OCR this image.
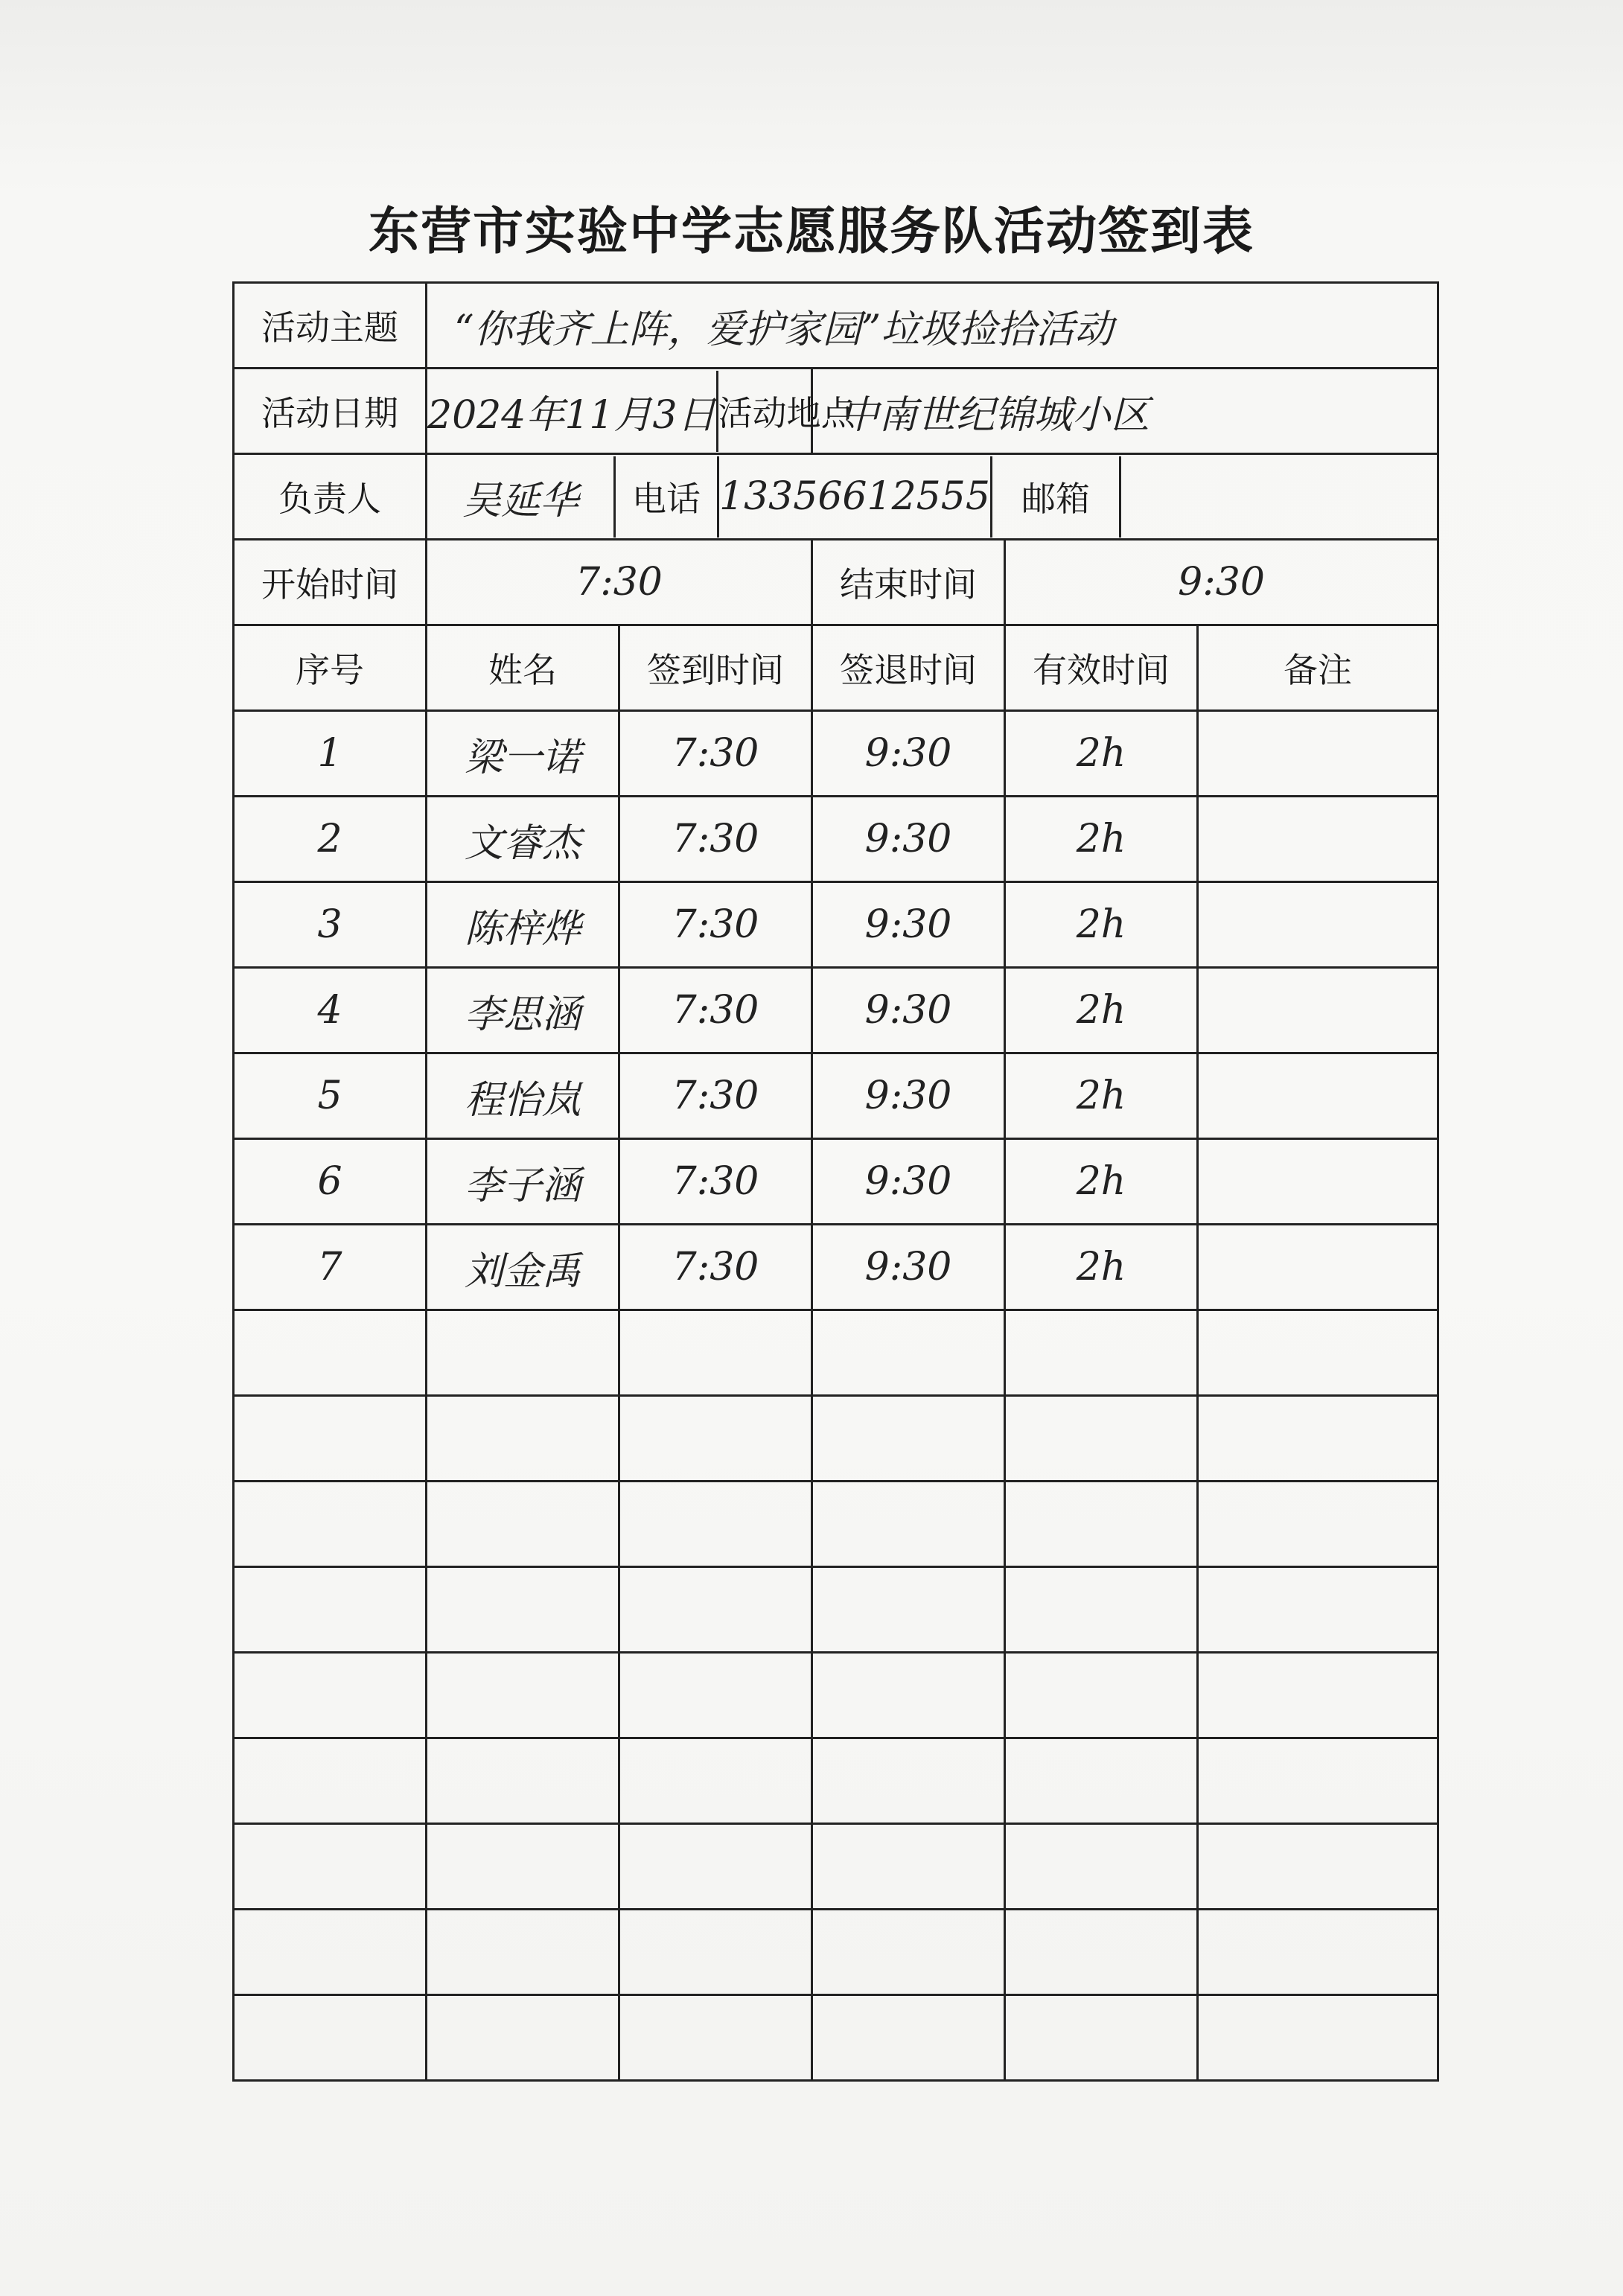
东营市实验中学志愿服务队活动签到表
活动主题	“你我齐上阵，爱护家园”垃圾捡拾活动				
活动日期	2024年11月3日 活动地点		中南世纪锦城小区		
负责人	吴延华 电话 13356612555 邮箱				

开始时间	7:30		结束时间	9:30	
序号	姓名	签到时间	签退时间	有效时间	备注
1	梁一诺	7:30	9:30	2h	
2	文睿杰	7:30	9:30	2h	
3	陈梓烨	7:30	9:30	2h	
4	李思涵	7:30	9:30	2h	
5	程怡岚	7:30	9:30	2h	
6	李子涵	7:30	9:30	2h	
7	刘金禹	7:30	9:30	2h	
